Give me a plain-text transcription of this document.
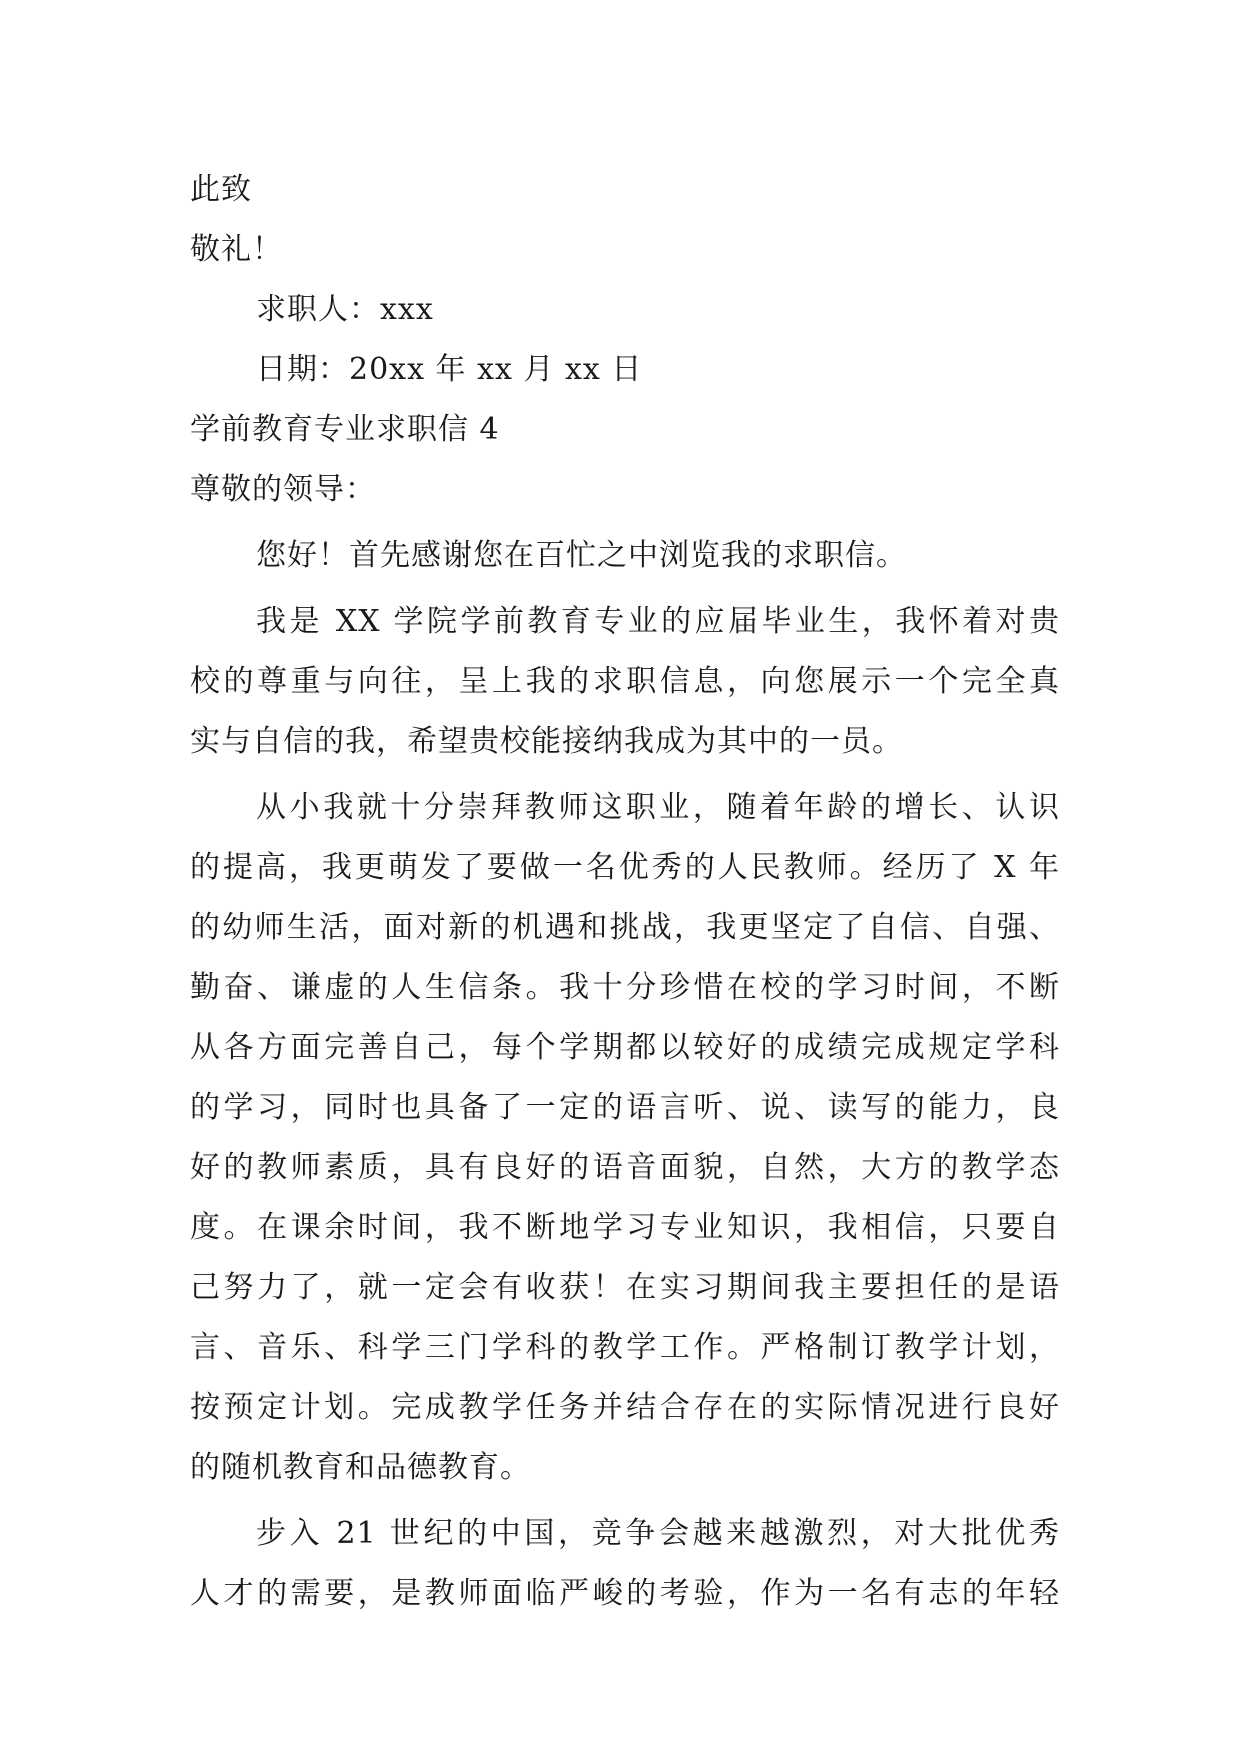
此致
敬礼！
求职人：xxx
日期：20xx 年 xx 月 xx 日
学前教育专业求职信 4
尊敬的领导：
您好！首先感谢您在百忙之中浏览我的求职信。
我是 XX 学院学前教育专业的应届毕业生，我怀着对贵
校的尊重与向往，呈上我的求职信息，向您展示一个完全真
实与自信的我，希望贵校能接纳我成为其中的一员。
从小我就十分崇拜教师这职业，随着年龄的增长、认识
的提高，我更萌发了要做一名优秀的人民教师。经历了 X 年
的幼师生活，面对新的机遇和挑战，我更坚定了自信、自强、
勤奋、谦虚的人生信条。我十分珍惜在校的学习时间，不断
从各方面完善自己，每个学期都以较好的成绩完成规定学科
的学习，同时也具备了一定的语言听、说、读写的能力，良
好的教师素质，具有良好的语音面貌，自然，大方的教学态
度。在课余时间，我不断地学习专业知识，我相信，只要自
己努力了，就一定会有收获！在实习期间我主要担任的是语
言、音乐、科学三门学科的教学工作。严格制订教学计划，
按预定计划。完成教学任务并结合存在的实际情况进行良好
的随机教育和品德教育。
步入 21 世纪的中国，竞争会越来越激烈，对大批优秀
人才的需要，是教师面临严峻的考验，作为一名有志的年轻
